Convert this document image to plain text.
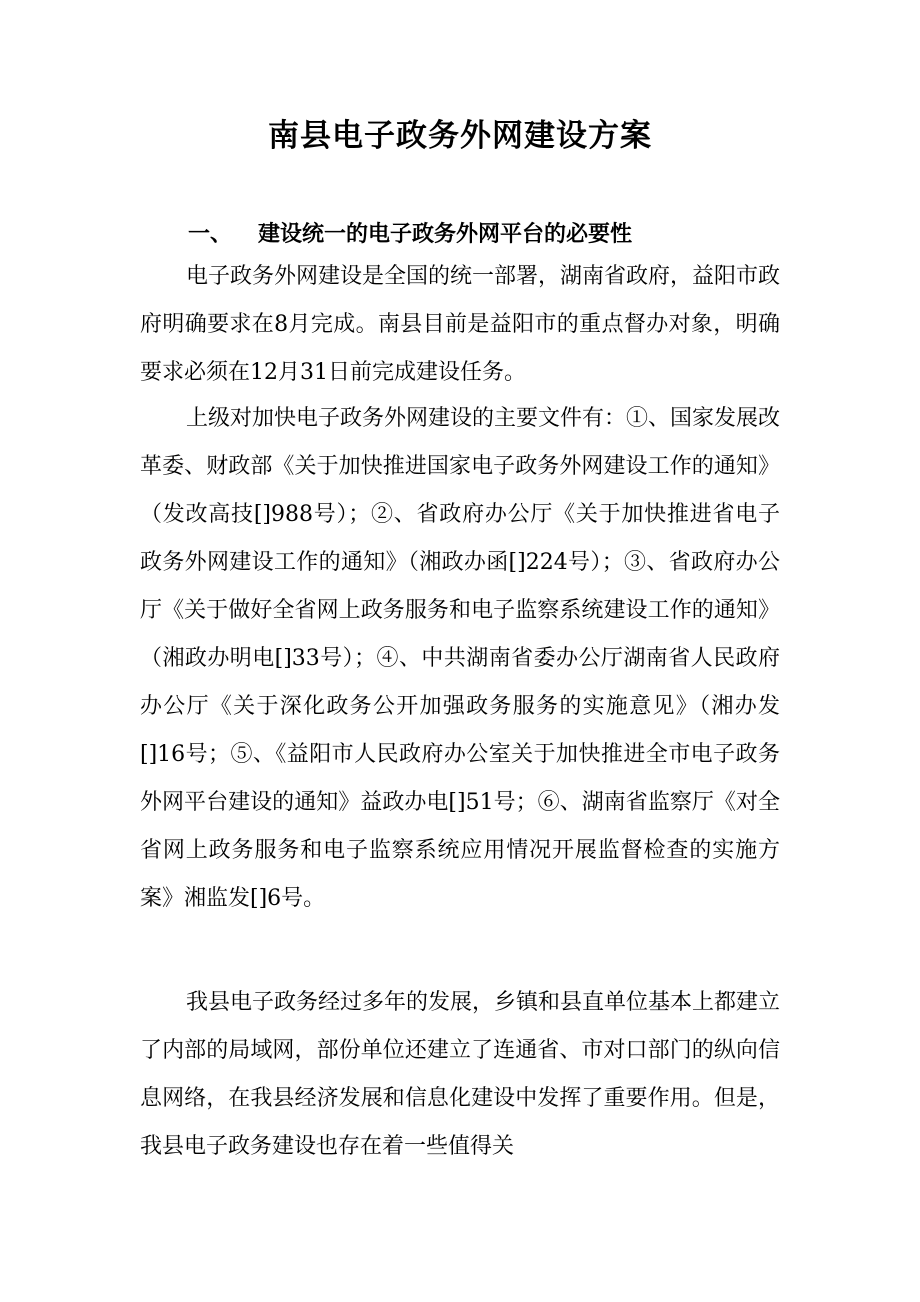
南县电子政务外网建设方案
一、 建设统一的电子政务外网平台的必要性

电子政务外网建设是全国的统一部署，湖南省政府，益阳市政府明确要求在8月完成。南县目前是益阳市的重点督办对象，明确要求必须在12月31日前完成建设任务。

上级对加快电子政务外网建设的主要文件有：①、国家发展改革委、财政部《关于加快推进国家电子政务外网建设工作的通知》（发改高技[]988号）；②、省政府办公厅《关于加快推进省电子政务外网建设工作的通知》（湘政办函[]224号）；③、省政府办公厅《关于做好全省网上政务服务和电子监察系统建设工作的通知》（湘政办明电[]33号）；④、中共湖南省委办公厅湖南省人民政府办公厅《关于深化政务公开加强政务服务的实施意见》（湘办发[]16号；⑤、《益阳市人民政府办公室关于加快推进全市电子政务外网平台建设的通知》益政办电[]51号；⑥、湖南省监察厅《对全省网上政务服务和电子监察系统应用情况开展监督检查的实施方案》湘监发[]6号。

我县电子政务经过多年的发展，乡镇和县直单位基本上都建立了内部的局域网，部份单位还建立了连通省、市对口部门的纵向信息网络，在我县经济发展和信息化建设中发挥了重要作用。但是，我县电子政务建设也存在着一些值得关
